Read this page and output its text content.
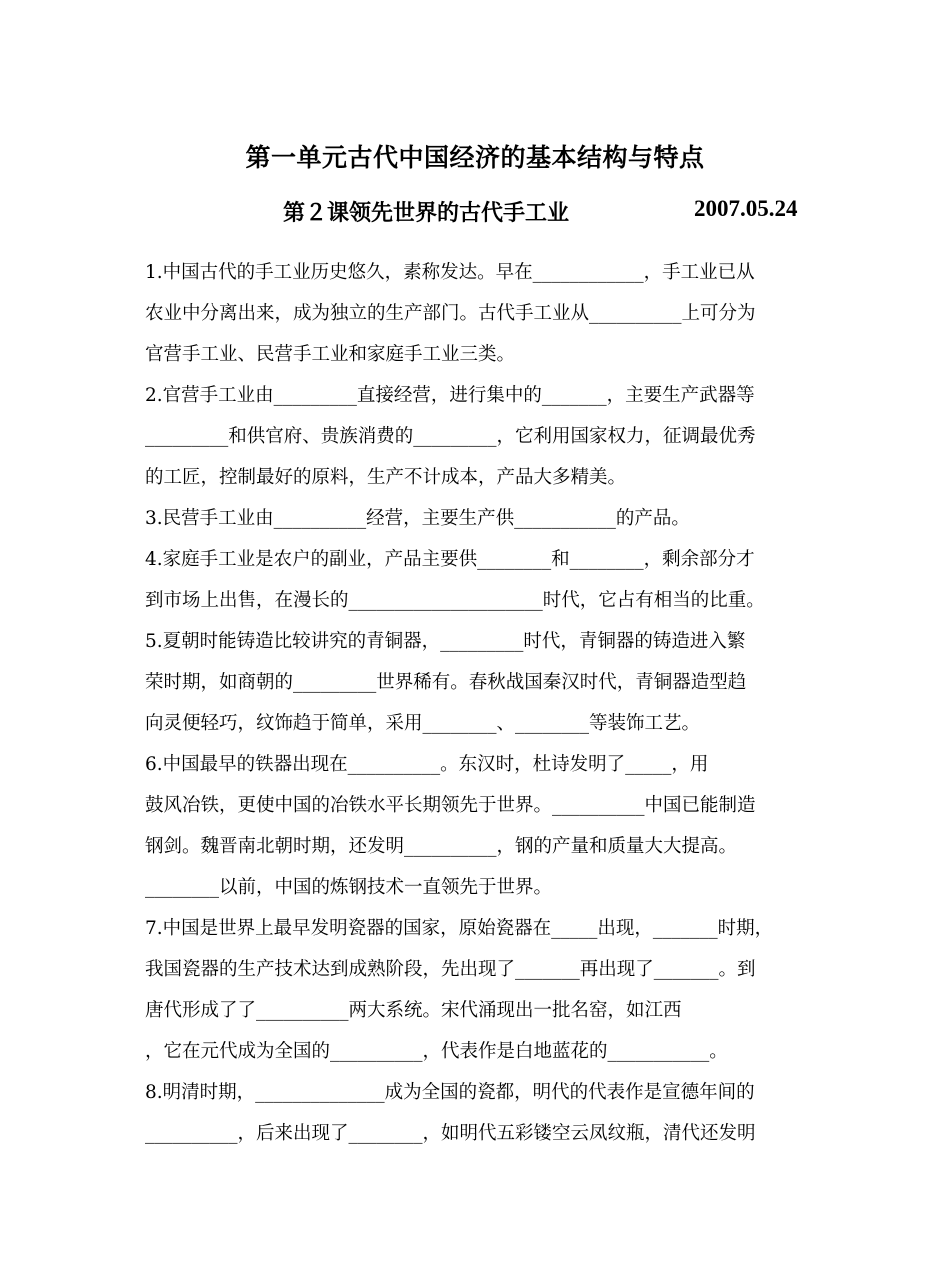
第一单元古代中国经济的基本结构与特点
第２课领先世界的古代手工业	2007.05.24
1.中国古代的手工业历史悠久，素称发达。早在____________，手工业已从
农业中分离出来，成为独立的生产部门。古代手工业从__________上可分为
官营手工业、民营手工业和家庭手工业三类。
2.官营手工业由_________直接经营，进行集中的_______，主要生产武器等
_________和供官府、贵族消费的_________，它利用国家权力，征调最优秀
的工匠，控制最好的原料，生产不计成本，产品大多精美。
3.民营手工业由__________经营，主要生产供___________的产品。
4.家庭手工业是农户的副业，产品主要供________和________，剩余部分才
到市场上出售，在漫长的_____________________时代，它占有相当的比重。
5.夏朝时能铸造比较讲究的青铜器，_________时代，青铜器的铸造进入繁
荣时期，如商朝的_________世界稀有。春秋战国秦汉时代，青铜器造型趋
向灵便轻巧，纹饰趋于简单，采用________、________等装饰工艺。
6.中国最早的铁器出现在__________。东汉时，杜诗发明了_____，用
鼓风冶铁，更使中国的冶铁水平长期领先于世界。__________中国已能制造
钢剑。魏晋南北朝时期，还发明__________，钢的产量和质量大大提高。
________以前，中国的炼钢技术一直领先于世界。
7.中国是世界上最早发明瓷器的国家，原始瓷器在_____出现，_______时期，
我国瓷器的生产技术达到成熟阶段，先出现了_______再出现了_______。到
唐代形成了了__________两大系统。宋代涌现出一批名窑，如江西
，它在元代成为全国的__________，代表作是白地蓝花的___________。
8.明清时期，______________成为全国的瓷都，明代的代表作是宣德年间的
__________，后来出现了________，如明代五彩镂空云凤纹瓶，清代还发明
